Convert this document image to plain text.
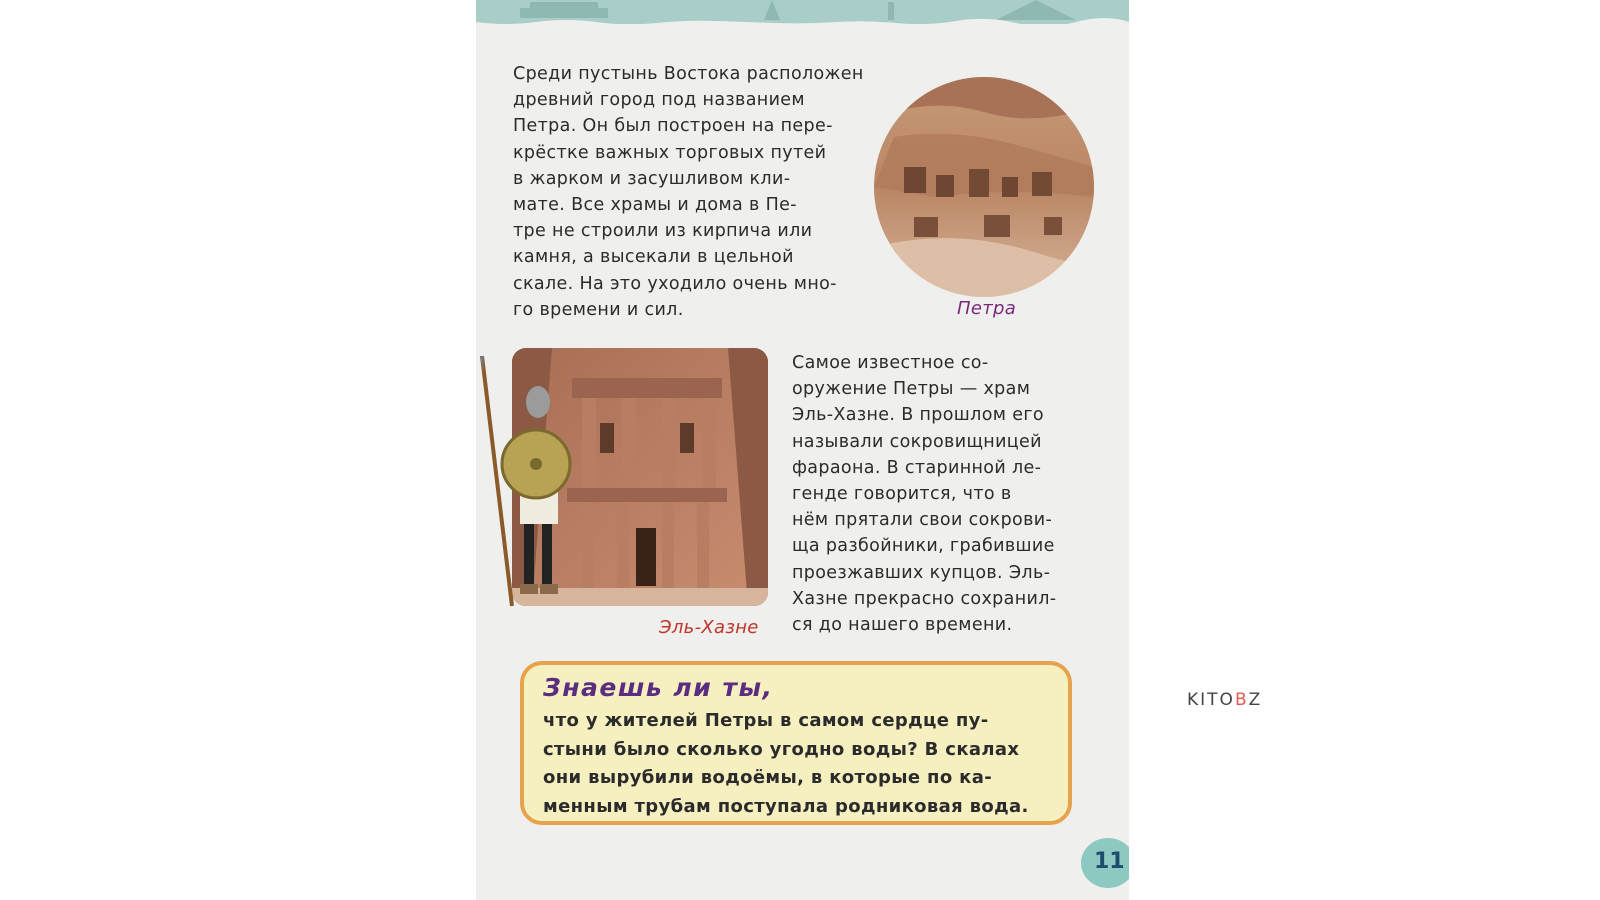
Среди пустынь Востока расположен
древний город под названием
Петра. Он был построен на пере-
крёстке важных торговых путей
в жарком и засушливом кли-
мате. Все храмы и дома в Пе-
тре не строили из кирпича или
камня, а высекали в цельной
скале. На это уходило очень мно-
го времени и сил.	Петра

Эль-Хазне

Самое известное со-
оружение Петры — храм
Эль-Хазне. В прошлом его
называли сокровищницей
фараона. В старинной ле-
генде говорится, что в
нём прятали свои сокрови-
ща разбойники, грабившие
проезжавших купцов. Эль-
Хазне прекрасно сохранил-
ся до нашего времени.

Знаешь ли ты,

что у жителей Петры в самом сердце пу-
стыни было сколько угодно воды? В скалах
они вырубили водоёмы, в которые по ка-
менным трубам поступала родниковая вода.

11
KITOBZ
